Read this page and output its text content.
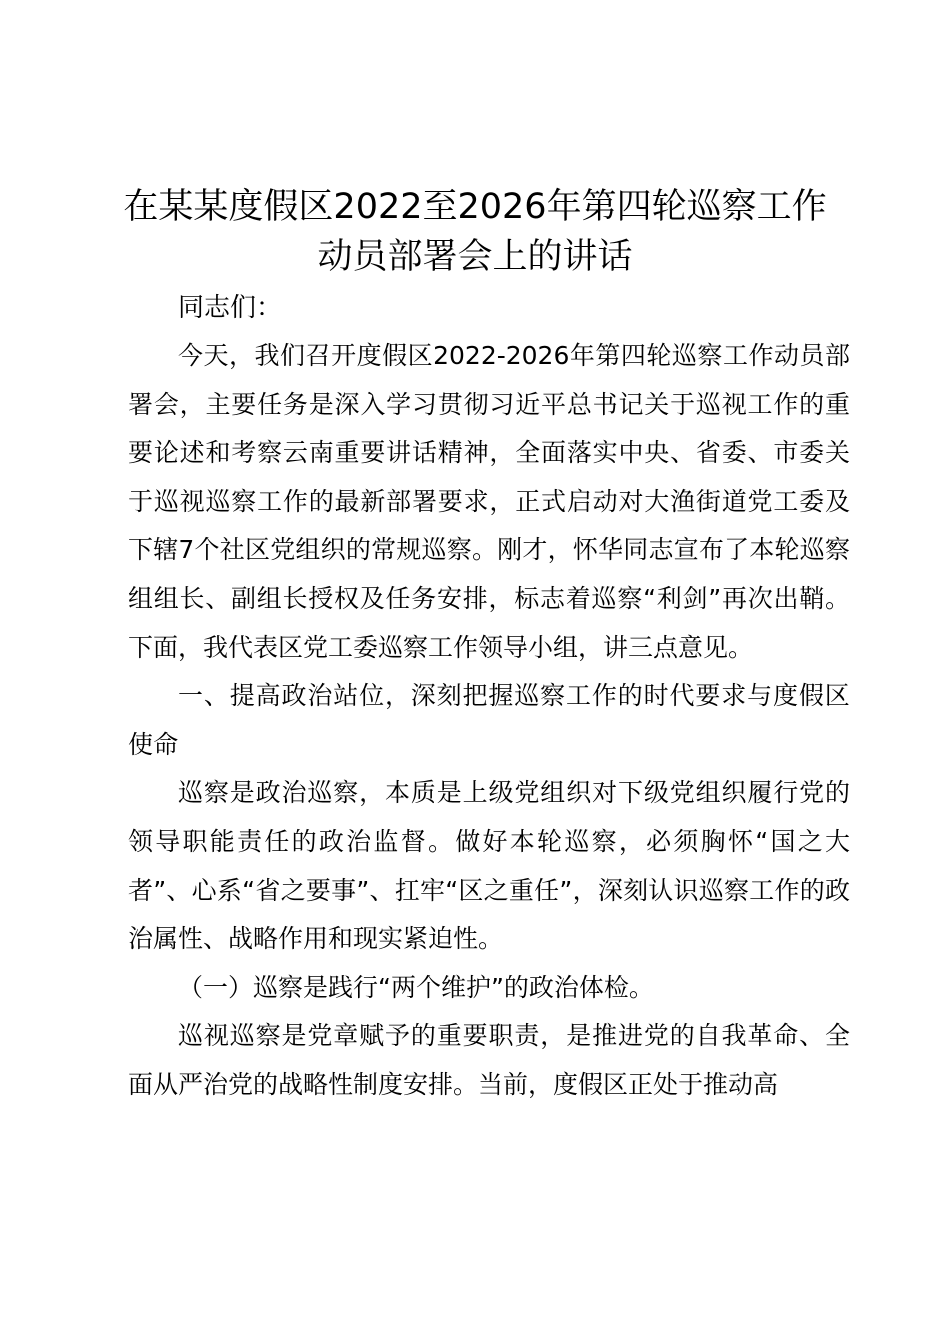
在某某度假区2022至2026年第四轮巡察工作动员部署会上的讲话

同志们：

今天，我们召开度假区2022-2026年第四轮巡察工作动员部署会，主要任务是深入学习贯彻习近平总书记关于巡视工作的重要论述和考察云南重要讲话精神，全面落实中央、省委、市委关于巡视巡察工作的最新部署要求，正式启动对大渔街道党工委及下辖7个社区党组织的常规巡察。刚才，怀华同志宣布了本轮巡察组组长、副组长授权及任务安排，标志着巡察“利剑”再次出鞘。下面，我代表区党工委巡察工作领导小组，讲三点意见。

一、提高政治站位，深刻把握巡察工作的时代要求与度假区使命

巡察是政治巡察，本质是上级党组织对下级党组织履行党的领导职能责任的政治监督。做好本轮巡察，必须胸怀“国之大者”、心系“省之要事”、扛牢“区之重任”，深刻认识巡察工作的政治属性、战略作用和现实紧迫性。

（一）巡察是践行“两个维护”的政治体检。

巡视巡察是党章赋予的重要职责，是推进党的自我革命、全面从严治党的战略性制度安排。当前，度假区正处于推动高
